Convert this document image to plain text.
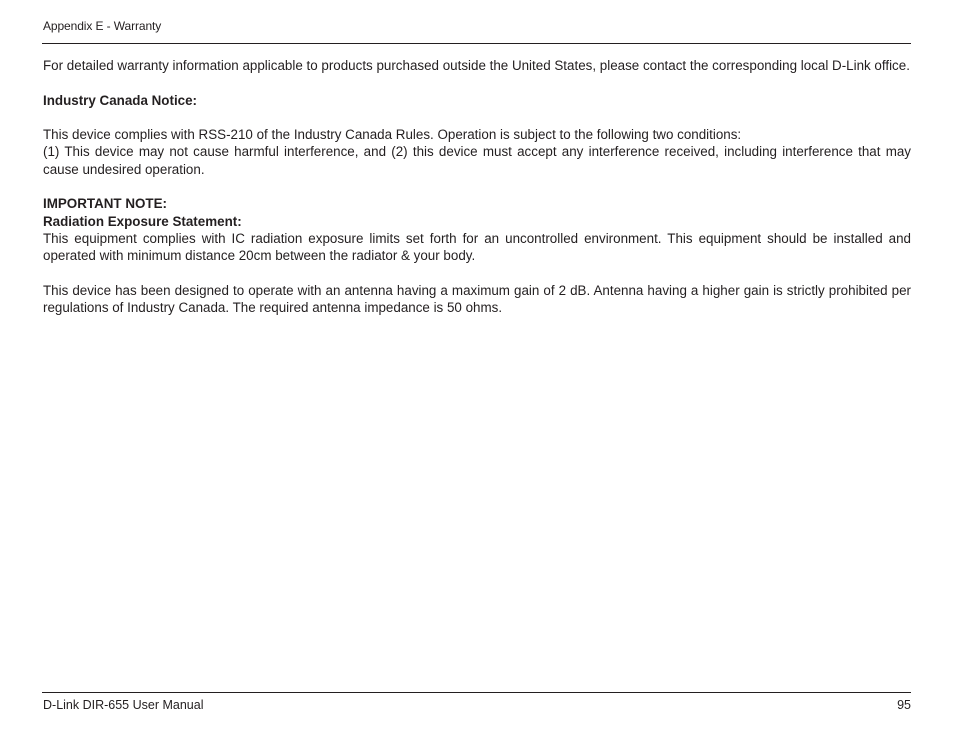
Appendix E - Warranty

For detailed warranty information applicable to products purchased outside the United States, please contact the corresponding local D-Link office.

Industry Canada Notice:

This device complies with RSS-210 of the Industry Canada Rules. Operation is subject to the following two conditions:

(1) This device may not cause harmful interference, and (2) this device must accept any interference received, including interference that may cause undesired operation.

IMPORTANT NOTE:

Radiation Exposure Statement:

This equipment complies with IC radiation exposure limits set forth for an uncontrolled environment. This equipment should be installed and operated with minimum distance 20cm between the radiator & your body.

This device has been designed to operate with an antenna having a maximum gain of 2 dB. Antenna having a higher gain is strictly prohibited per regulations of Industry Canada. The required antenna impedance is 50 ohms.

D-Link DIR-655 User Manual	95
